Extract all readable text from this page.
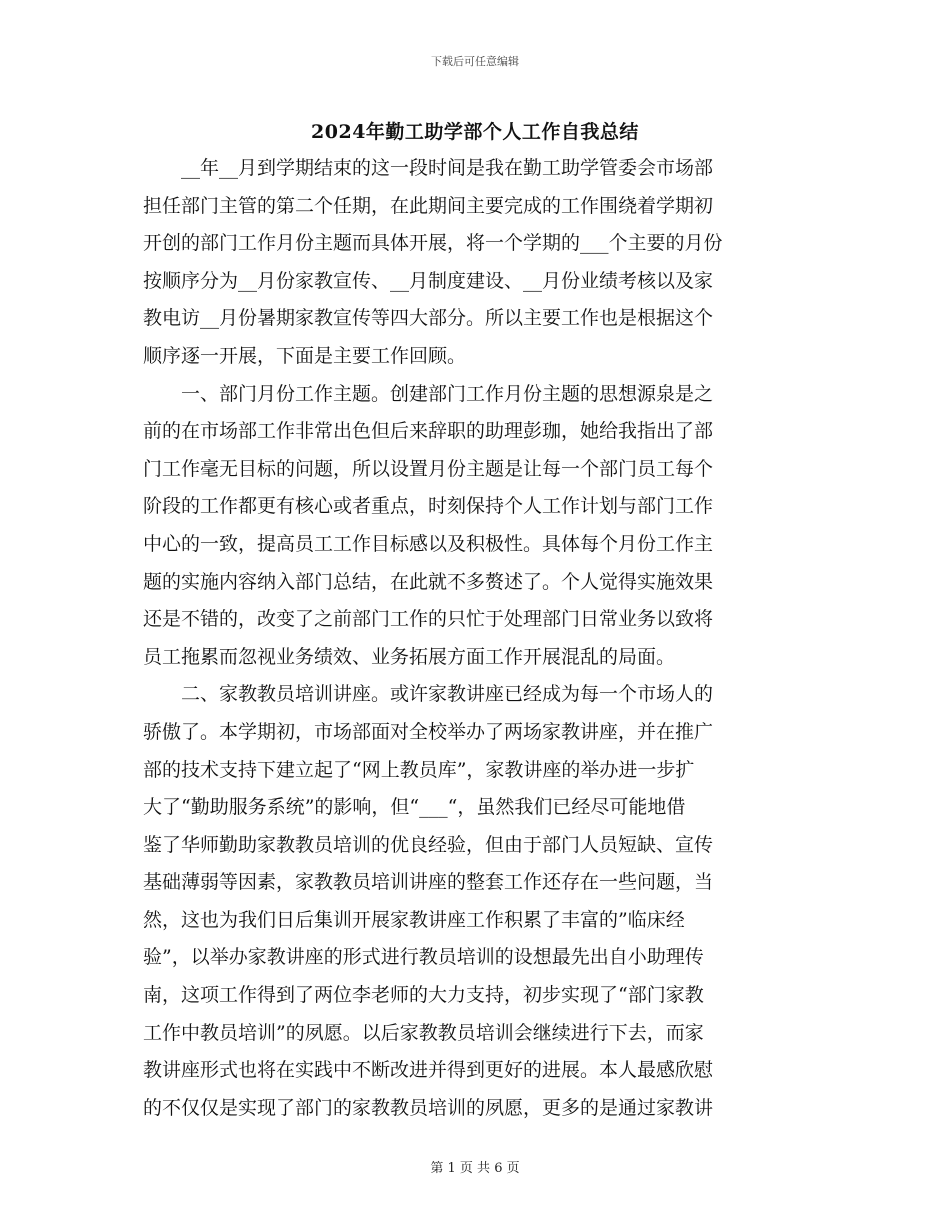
下载后可任意编辑
2024年勤工助学部个人工作自我总结
　　__年__月到学期结束的这一段时间是我在勤工助学管委会市场部
担任部门主管的第二个任期，在此期间主要完成的工作围绕着学期初
开创的部门工作月份主题而具体开展，将一个学期的___个主要的月份
按顺序分为__月份家教宣传、__月制度建设、__月份业绩考核以及家
教电访__月份暑期家教宣传等四大部分。所以主要工作也是根据这个
顺序逐一开展，下面是主要工作回顾。
　　一、部门月份工作主题。创建部门工作月份主题的思想源泉是之
前的在市场部工作非常出色但后来辞职的助理彭珈，她给我指出了部
门工作毫无目标的问题，所以设置月份主题是让每一个部门员工每个
阶段的工作都更有核心或者重点，时刻保持个人工作计划与部门工作
中心的一致，提高员工工作目标感以及积极性。具体每个月份工作主
题的实施内容纳入部门总结，在此就不多赘述了。个人觉得实施效果
还是不错的，改变了之前部门工作的只忙于处理部门日常业务以致将
员工拖累而忽视业务绩效、业务拓展方面工作开展混乱的局面。
　　二、家教教员培训讲座。或许家教讲座已经成为每一个市场人的
骄傲了。本学期初，市场部面对全校举办了两场家教讲座，并在推广
部的技术支持下建立起了“网上教员库”，家教讲座的举办进一步扩
大了“勤助服务系统”的影响，但“___“，虽然我们已经尽可能地借
鉴了华师勤助家教教员培训的优良经验，但由于部门人员短缺、宣传
基础薄弱等因素，家教教员培训讲座的整套工作还存在一些问题，当
然，这也为我们日后集训开展家教讲座工作积累了丰富的”临床经
验”，以举办家教讲座的形式进行教员培训的设想最先出自小助理传
南，这项工作得到了两位李老师的大力支持，初步实现了“部门家教
工作中教员培训”的夙愿。以后家教教员培训会继续进行下去，而家
教讲座形式也将在实践中不断改进并得到更好的进展。本人最感欣慰
的不仅仅是实现了部门的家教教员培训的夙愿，更多的是通过家教讲
第 1 页 共 6 页
